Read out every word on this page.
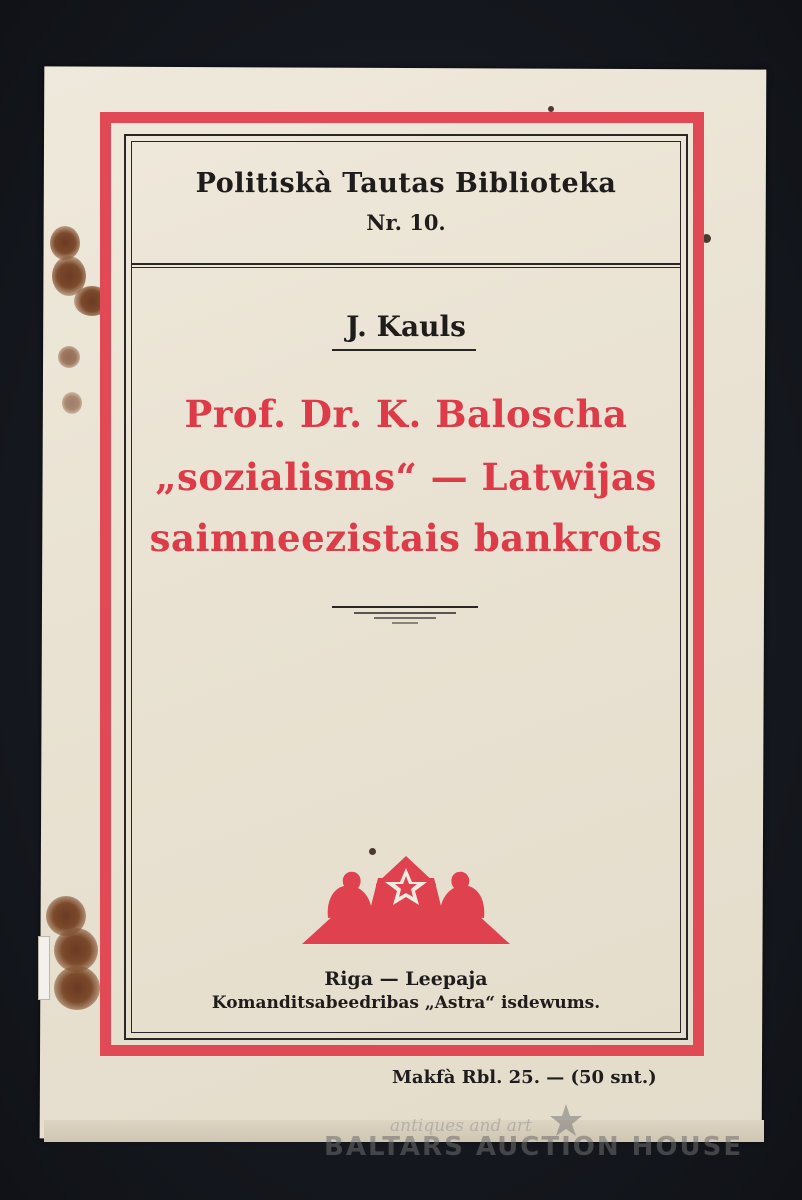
Politiskà Tautas Biblioteka
Nr. 10.
J. Kauls
Prof. Dr. K. Baloscha
„sozialisms“ — Latwijas
saimneezistais bankrots
Riga — Leepaja
Komanditsabeedribas „Astra“ isdewums.
Makfà Rbl. 25. — (50 snt.)
antiques and art
BALTARS AUCTION HOUSE
